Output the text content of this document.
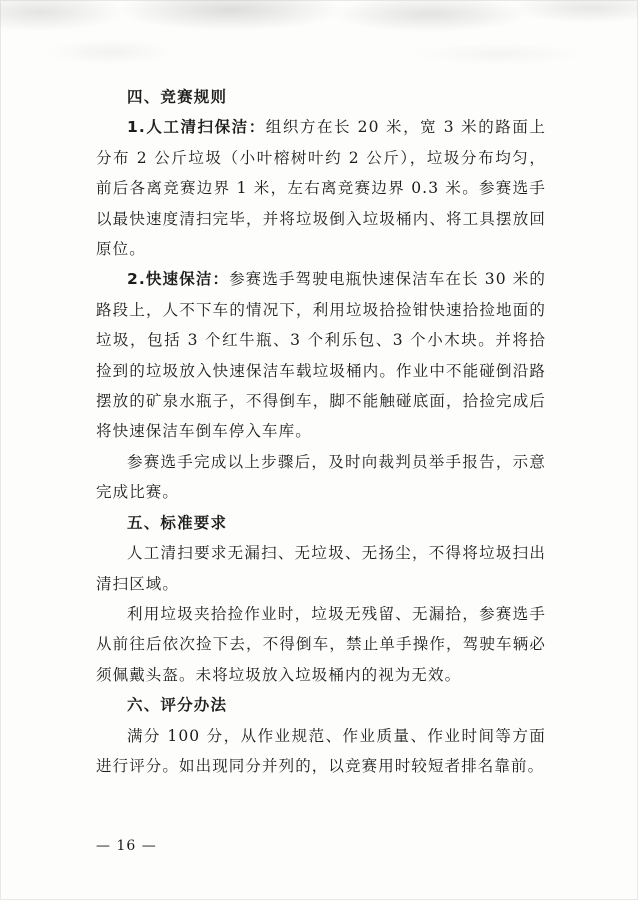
四、竞赛规则

1.人工清扫保洁：组织方在长 20 米，宽 3 米的路面上分布 2 公斤垃圾（小叶榕树叶约 2 公斤），垃圾分布均匀，前后各离竞赛边界 1 米，左右离竞赛边界 0.3 米。参赛选手以最快速度清扫完毕，并将垃圾倒入垃圾桶内、将工具摆放回原位。

2.快速保洁：参赛选手驾驶电瓶快速保洁车在长 30 米的路段上，人不下车的情况下，利用垃圾拾捡钳快速拾捡地面的垃圾，包括 3 个红牛瓶、3 个利乐包、3 个小木块。并将拾捡到的垃圾放入快速保洁车载垃圾桶内。作业中不能碰倒沿路摆放的矿泉水瓶子，不得倒车，脚不能触碰底面，拾捡完成后将快速保洁车倒车停入车库。

参赛选手完成以上步骤后，及时向裁判员举手报告，示意完成比赛。

五、标准要求

人工清扫要求无漏扫、无垃圾、无扬尘，不得将垃圾扫出清扫区域。

利用垃圾夹拾捡作业时，垃圾无残留、无漏拾，参赛选手从前往后依次捡下去，不得倒车，禁止单手操作，驾驶车辆必须佩戴头盔。未将垃圾放入垃圾桶内的视为无效。

六、评分办法

满分 100 分，从作业规范、作业质量、作业时间等方面进行评分。如出现同分并列的，以竞赛用时较短者排名靠前。

— 16 —
